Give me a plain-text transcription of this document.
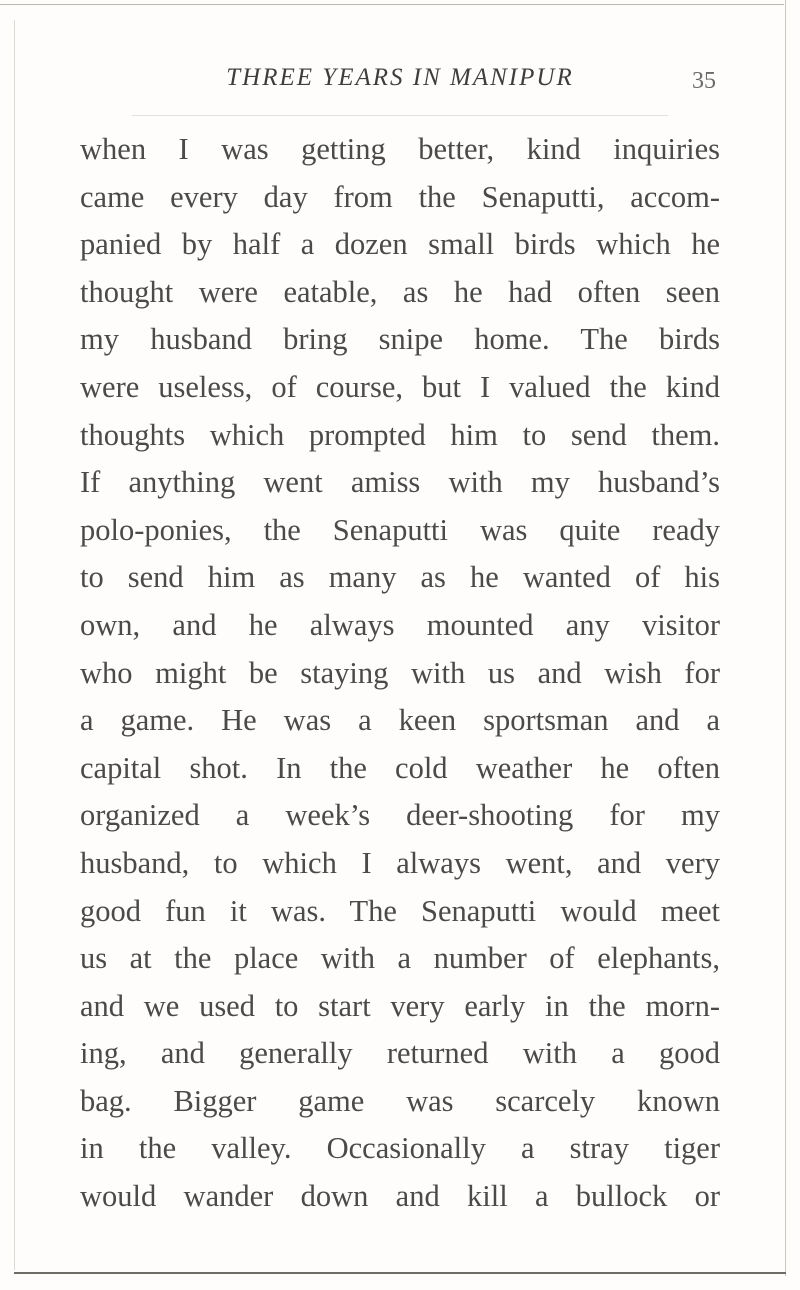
THREE YEARS IN MANIPUR	35
when I was getting better, kind inquiries
came every day from the Senaputti, accom-
panied by half a dozen small birds which he
thought were eatable, as he had often seen
my husband bring snipe home. The birds
were useless, of course, but I valued the kind
thoughts which prompted him to send them.
If anything went amiss with my husband’s
polo-ponies, the Senaputti was quite ready
to send him as many as he wanted of his
own, and he always mounted any visitor
who might be staying with us and wish for
a game. He was a keen sportsman and a
capital shot. In the cold weather he often
organized a week’s deer-shooting for my
husband, to which I always went, and very
good fun it was. The Senaputti would meet
us at the place with a number of elephants,
and we used to start very early in the morn-
ing, and generally returned with a good
bag. Bigger game was scarcely known
in the valley. Occasionally a stray tiger
would wander down and kill a bullock or
